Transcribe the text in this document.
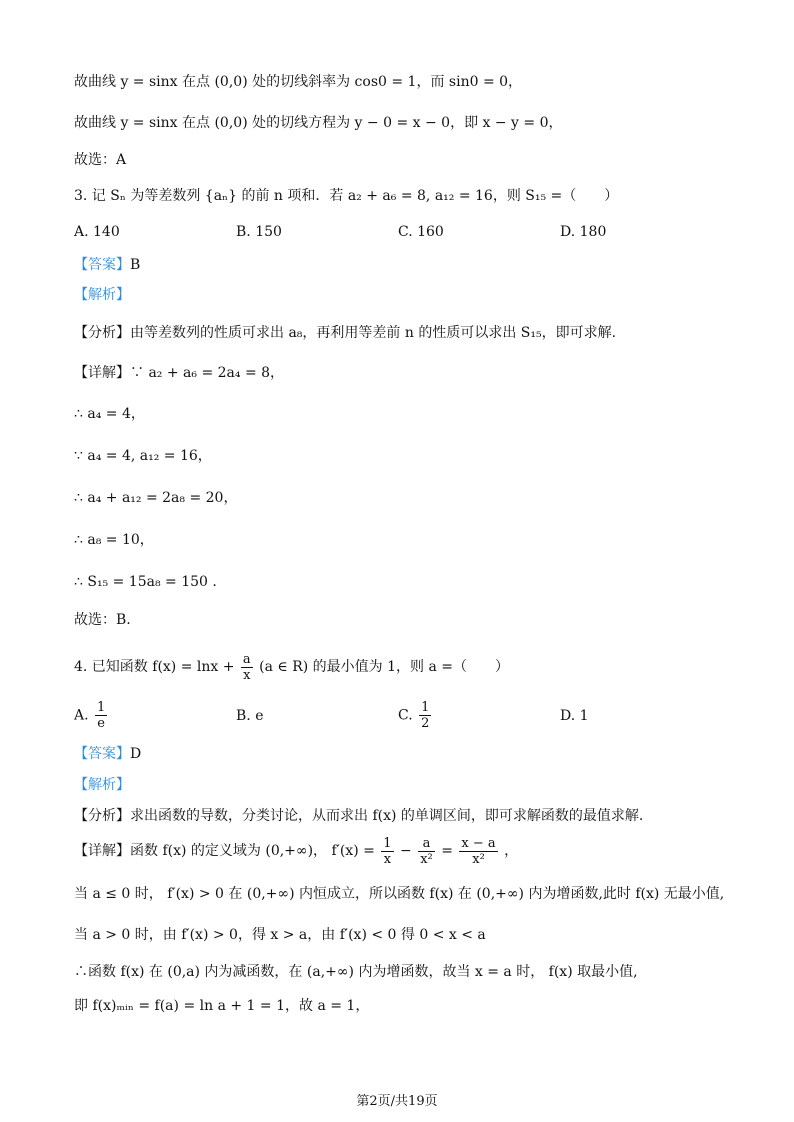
故曲线 y = sinx 在点 (0,0) 处的切线斜率为 cos0 = 1，而 sin0 = 0，
故曲线 y = sinx 在点 (0,0) 处的切线方程为 y − 0 = x − 0，即 x − y = 0，
故选：A
3. 记 Sₙ 为等差数列 {aₙ} 的前 n 项和．若 a₂ + a₆ = 8, a₁₂ = 16，则 S₁₅ =（　　）
A. 140	B. 150	C. 160	D. 180
【答案】B
【解析】
【分析】由等差数列的性质可求出 a₈，再利用等差前 n 的性质可以求出 S₁₅，即可求解.
【详解】∵ a₂ + a₆ = 2a₄ = 8，
∴ a₄ = 4，
∵ a₄ = 4, a₁₂ = 16，
∴ a₄ + a₁₂ = 2a₈ = 20，
∴ a₈ = 10，
∴ S₁₅ = 15a₈ = 150 .
故选：B.
4. 已知函数 $f(x) = \ln x + \frac{a}{x} (a$ ∈ R) 的最小值为 1，则 a =（　　）
A. $\frac{1}{e}$	B. e	C. $\frac{1}{2}$	D. 1
【答案】D
【解析】
【分析】求出函数的导数，分类讨论，从而求出 f(x) 的单调区间，即可求解函数的最值求解.
【详解】函数 f(x) 的定义域为 (0,+∞)， $f'(x) = \frac{1}{x} - \frac{a}{\text{x²}} = \frac{x - a}{\text{x²}}$ ，
当 a ≤ 0 时， f′(x) > 0 在 (0,+∞) 内恒成立，所以函数 f(x) 在 (0,+∞) 内为增函数,此时 f(x) 无最小值,
当 a > 0 时，由 f′(x) > 0，得 x > a，由 f′(x) < 0 得 0 < x < a
∴函数 f(x) 在 (0,a) 内为减函数，在 (a,+∞) 内为增函数，故当 x = a 时， f(x) 取最小值,
即 f(x)ₘᵢₙ = f(a) = ln a + 1 = 1，故 a = 1，
第2页/共19页
